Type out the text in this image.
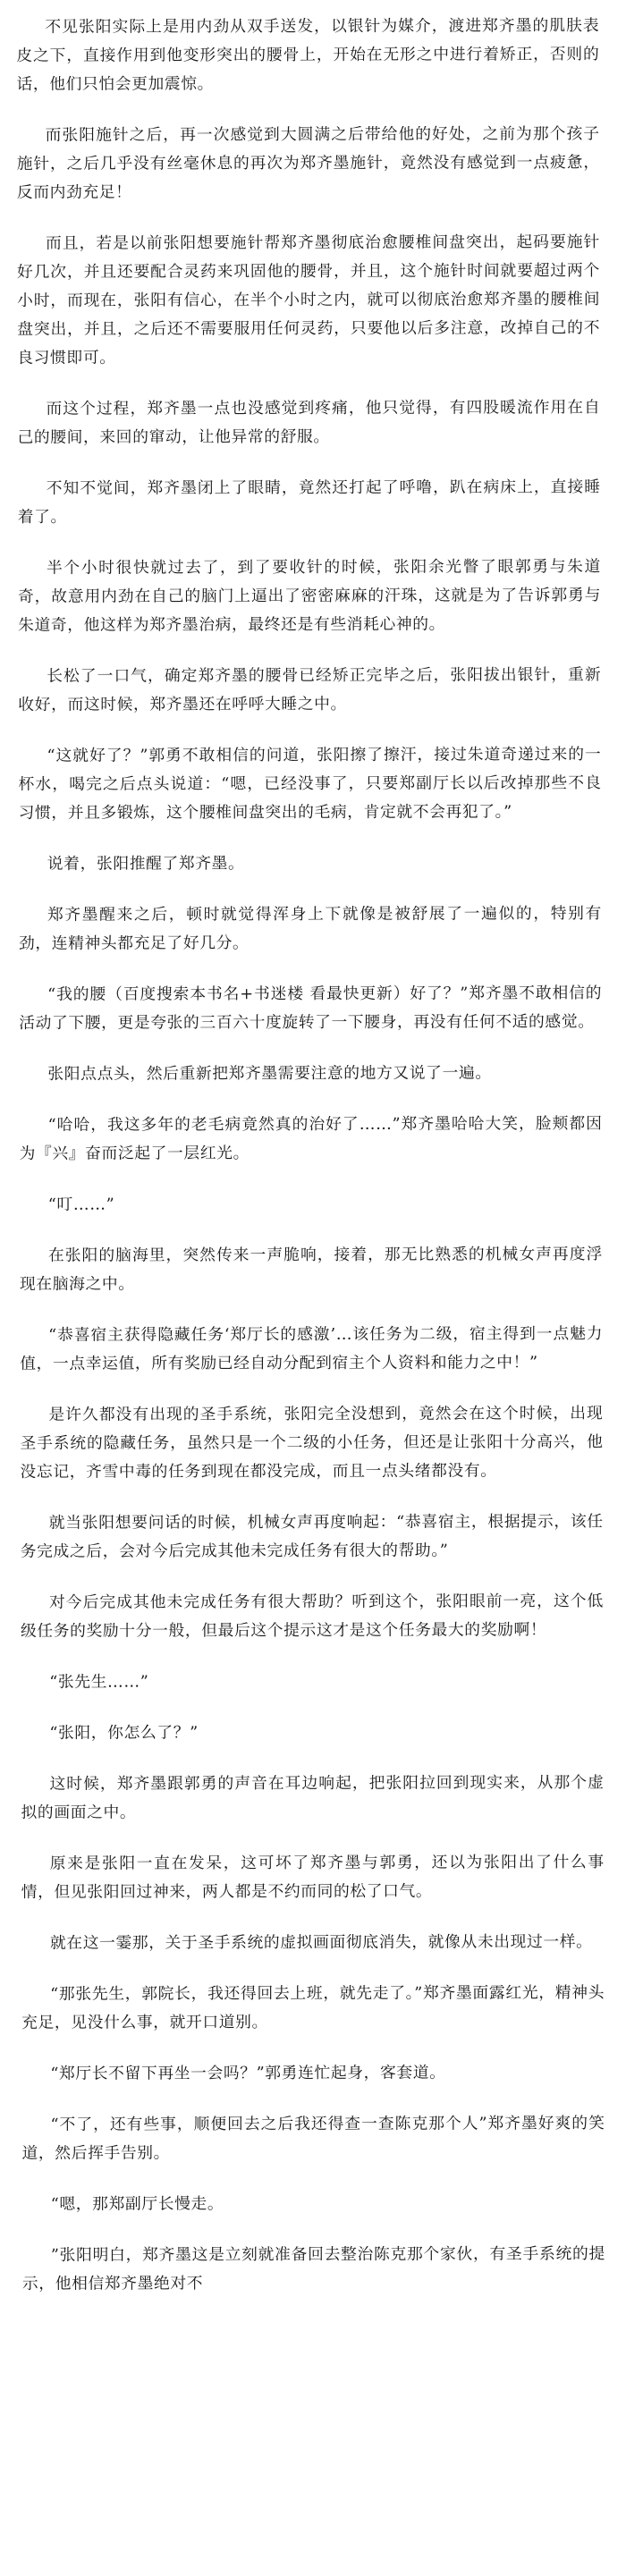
不见张阳实际上是用内劲从双手送发，以银针为媒介，渡进郑齐墨的肌肤表皮之下，直接作用到他变形突出的腰骨上，开始在无形之中进行着矫正，否则的话，他们只怕会更加震惊。

而张阳施针之后，再一次感觉到大圆满之后带给他的好处，之前为那个孩子施针，之后几乎没有丝毫休息的再次为郑齐墨施针，竟然没有感觉到一点疲惫，反而内劲充足！

而且，若是以前张阳想要施针帮郑齐墨彻底治愈腰椎间盘突出，起码要施针好几次，并且还要配合灵药来巩固他的腰骨，并且，这个施针时间就要超过两个小时，而现在，张阳有信心，在半个小时之内，就可以彻底治愈郑齐墨的腰椎间盘突出，并且，之后还不需要服用任何灵药，只要他以后多注意，改掉自己的不良习惯即可。

而这个过程，郑齐墨一点也没感觉到疼痛，他只觉得，有四股暖流作用在自己的腰间，来回的窜动，让他异常的舒服。

不知不觉间，郑齐墨闭上了眼睛，竟然还打起了呼噜，趴在病床上，直接睡着了。

半个小时很快就过去了，到了要收针的时候，张阳余光瞥了眼郭勇与朱道奇，故意用内劲在自己的脑门上逼出了密密麻麻的汗珠，这就是为了告诉郭勇与朱道奇，他这样为郑齐墨治病，最终还是有些消耗心神的。

长松了一口气，确定郑齐墨的腰骨已经矫正完毕之后，张阳拔出银针，重新收好，而这时候，郑齐墨还在呼呼大睡之中。

“这就好了？”郭勇不敢相信的问道，张阳擦了擦汗，接过朱道奇递过来的一杯水，喝完之后点头说道：“嗯，已经没事了，只要郑副厅长以后改掉那些不良习惯，并且多锻炼，这个腰椎间盘突出的毛病，肯定就不会再犯了。”

说着，张阳推醒了郑齐墨。

郑齐墨醒来之后，顿时就觉得浑身上下就像是被舒展了一遍似的，特别有劲，连精神头都充足了好几分。

“我的腰（百度搜索本书名+书迷楼 看最快更新）好了？”郑齐墨不敢相信的活动了下腰，更是夸张的三百六十度旋转了一下腰身，再没有任何不适的感觉。

张阳点点头，然后重新把郑齐墨需要注意的地方又说了一遍。

“哈哈，我这多年的老毛病竟然真的治好了……”郑齐墨哈哈大笑，脸颊都因为『兴』奋而泛起了一层红光。

“叮……”

在张阳的脑海里，突然传来一声脆响，接着，那无比熟悉的机械女声再度浮现在脑海之中。

“恭喜宿主获得隐藏任务‘郑厅长的感激’…该任务为二级，宿主得到一点魅力值，一点幸运值，所有奖励已经自动分配到宿主个人资料和能力之中！”

是许久都没有出现的圣手系统，张阳完全没想到，竟然会在这个时候，出现圣手系统的隐藏任务，虽然只是一个二级的小任务，但还是让张阳十分高兴，他没忘记，齐雪中毒的任务到现在都没完成，而且一点头绪都没有。

就当张阳想要问话的时候，机械女声再度响起：“恭喜宿主，根据提示，该任务完成之后，会对今后完成其他未完成任务有很大的帮助。”

对今后完成其他未完成任务有很大帮助？听到这个，张阳眼前一亮，这个低级任务的奖励十分一般，但最后这个提示这才是这个任务最大的奖励啊！

“张先生……”

“张阳，你怎么了？”

这时候，郑齐墨跟郭勇的声音在耳边响起，把张阳拉回到现实来，从那个虚拟的画面之中。

原来是张阳一直在发呆，这可坏了郑齐墨与郭勇，还以为张阳出了什么事情，但见张阳回过神来，两人都是不约而同的松了口气。

就在这一霎那，关于圣手系统的虚拟画面彻底消失，就像从未出现过一样。

“那张先生，郭院长，我还得回去上班，就先走了。”郑齐墨面露红光，精神头充足，见没什么事，就开口道别。

“郑厅长不留下再坐一会吗？”郭勇连忙起身，客套道。

“不了，还有些事，顺便回去之后我还得查一查陈克那个人”郑齐墨好爽的笑道，然后挥手告别。

“嗯，那郑副厅长慢走。

”张阳明白，郑齐墨这是立刻就准备回去整治陈克那个家伙，有圣手系统的提示，他相信郑齐墨绝对不
